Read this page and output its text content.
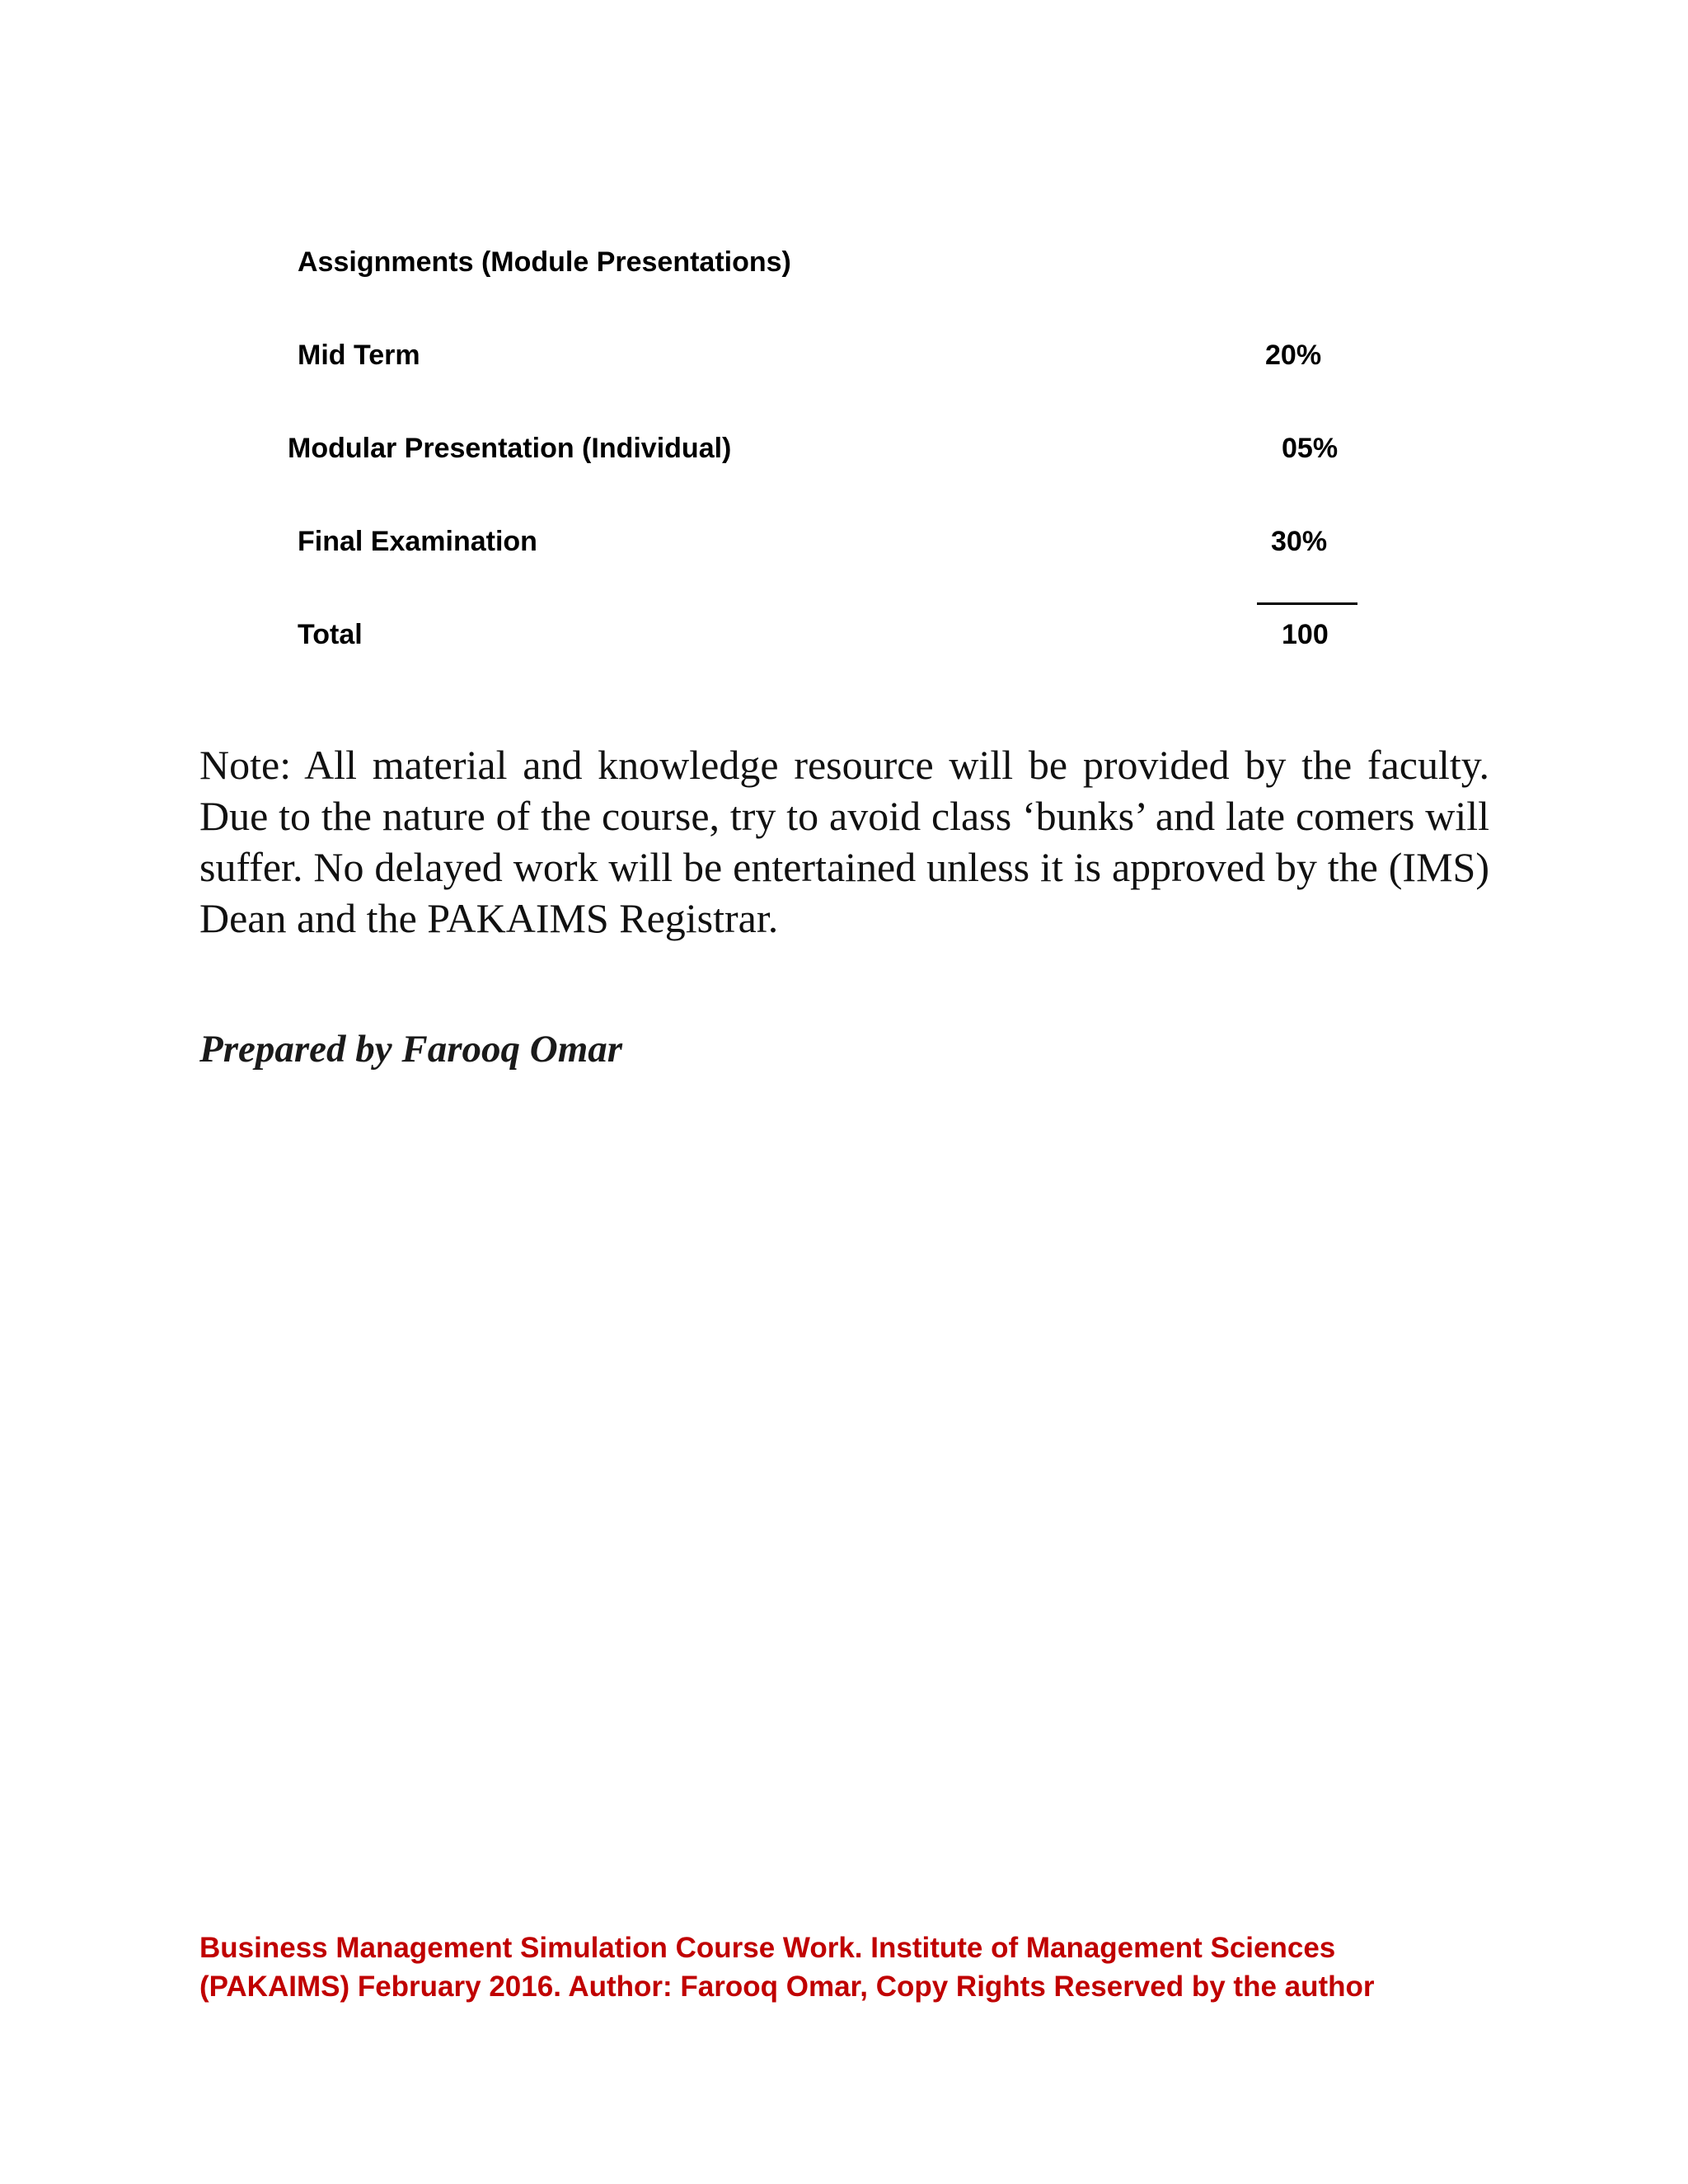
Assignments (Module Presentations)
Mid Term	20%
Modular Presentation (Individual)	05%
Final Examination	30%
Total	100

Note: All material and knowledge resource will be provided by the faculty. Due to the nature of the course, try to avoid class ‘bunks’ and late comers will suffer. No delayed work will be entertained unless it is approved by the (IMS) Dean and the PAKAIMS Registrar.

Prepared by Farooq Omar
Business Management Simulation Course Work. Institute of Management Sciences
(PAKAIMS) February 2016. Author: Farooq Omar, Copy Rights Reserved by the author
